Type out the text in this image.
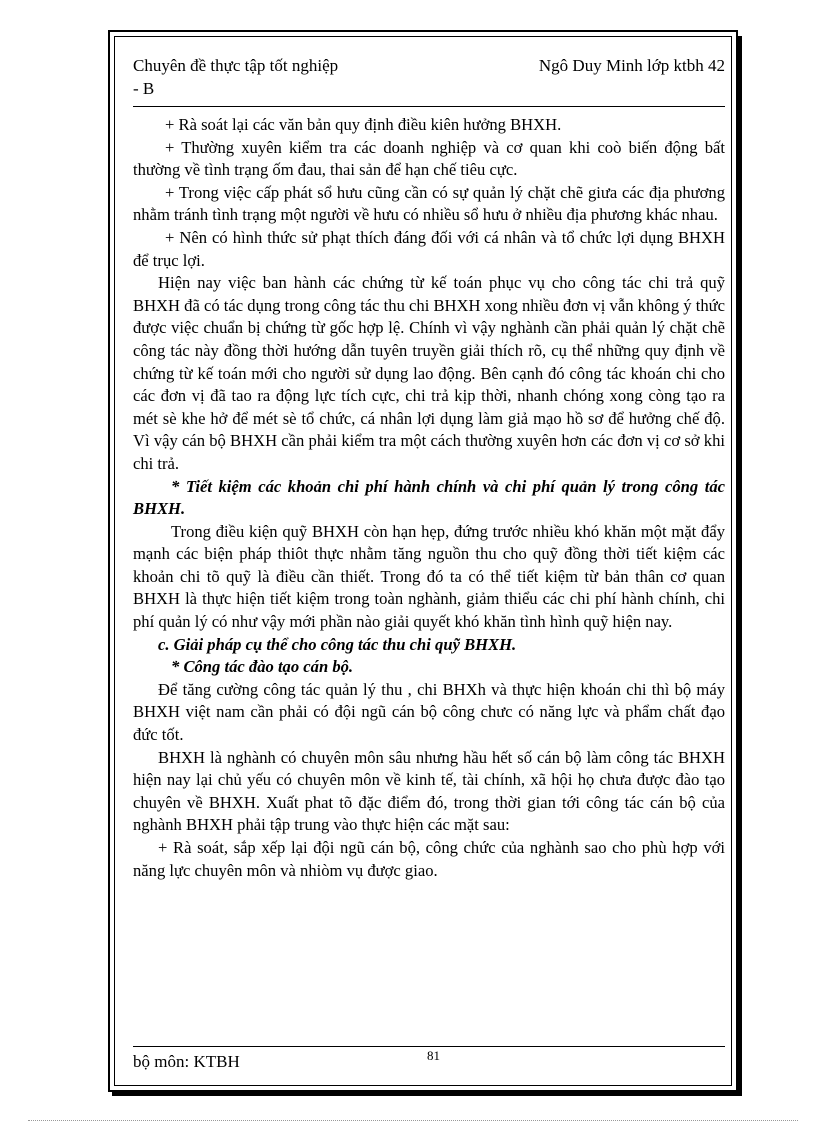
Chuyên đề thực tập tốt nghiệp	Ngô Duy Minh lớp ktbh 42
- B

+ Rà soát lại các văn bản quy định điều kiên hưởng BHXH.

+ Thường xuyên kiểm tra các doanh nghiệp và cơ quan khi coò biến động bất thường về tình trạng ốm đau, thai sản để hạn chế tiêu cực.

+ Trong việc cấp phát sổ hưu cũng cần có sự quản lý chặt chẽ giưa các địa phương nhằm tránh tình trạng một người về hưu có nhiều sổ hưu ở nhiều địa phương khác nhau.

+ Nên có hình thức sử phạt thích đáng đối với cá nhân và tổ chức lợi dụng BHXH để trục lợi.

Hiện nay việc ban hành các chứng từ kế toán phục vụ cho công tác chi trả quỹ BHXH đã có tác dụng trong công tác thu chi BHXH xong nhiều đơn vị vẫn không ý thức được việc chuẩn bị chứng từ gốc hợp lệ. Chính vì vậy nghành cần phải quản lý chặt chẽ công tác này đồng thời hướng dẫn tuyên truyền giải thích rõ, cụ thể những quy định về chứng từ kế toán mới cho người sử dụng lao động. Bên cạnh đó công tác khoán chi cho các đơn vị đã tao ra động lực tích cực, chi trả kịp thời, nhanh chóng xong còng tạo ra mét sè khe hở để mét sè tổ chức, cá nhân lợi dụng làm giả mạo hồ sơ để hưởng chế độ. Vì vậy cán bộ BHXH cần phải kiểm tra một cách thường xuyên hơn các đơn vị cơ sở khi chi trả.

* Tiết kiệm các khoản chi phí hành chính và chi phí quản lý trong công tác BHXH.

Trong điều kiện quỹ BHXH còn hạn hẹp, đứng trước nhiều khó khăn một mặt đẩy mạnh các biện pháp thiôt thực nhằm tăng nguồn thu cho quỹ đồng thời tiết kiệm các khoản chi tõ quỹ là điều cần thiết. Trong đó ta có thể tiết kiệm từ bản thân cơ quan BHXH là thực hiện tiết kiệm trong toàn nghành, giảm thiểu các chi phí hành chính, chi phí quản lý có như vậy mới phần nào giải quyết khó khăn tình hình quỹ hiện nay.

c. Giải pháp cụ thể cho công tác thu chi quỹ BHXH.

* Công tác đào tạo cán bộ.

Để tăng cường công tác quản lý thu , chi BHXh và thực hiện khoán chi thì bộ máy BHXH việt nam cần phải có đội ngũ cán bộ công chưc có năng lực và phẩm chất đạo đức tốt.

BHXH là nghành có chuyên môn sâu nhưng hầu hết số cán bộ làm công tác BHXH hiện nay lại chủ yếu có chuyên môn về kinh tế, tài chính, xã hội họ chưa được đào tạo chuyên về BHXH. Xuất phat tõ đặc điểm đó, trong thời gian tới công tác cán bộ của nghành BHXH phải tập trung vào thực hiện các mặt sau:

+ Rà soát, sắp xếp lại đội ngũ cán bộ, công chức của nghành sao cho phù hợp với năng lực chuyên môn và nhiòm vụ được giao.

bộ môn: KTBH	81
